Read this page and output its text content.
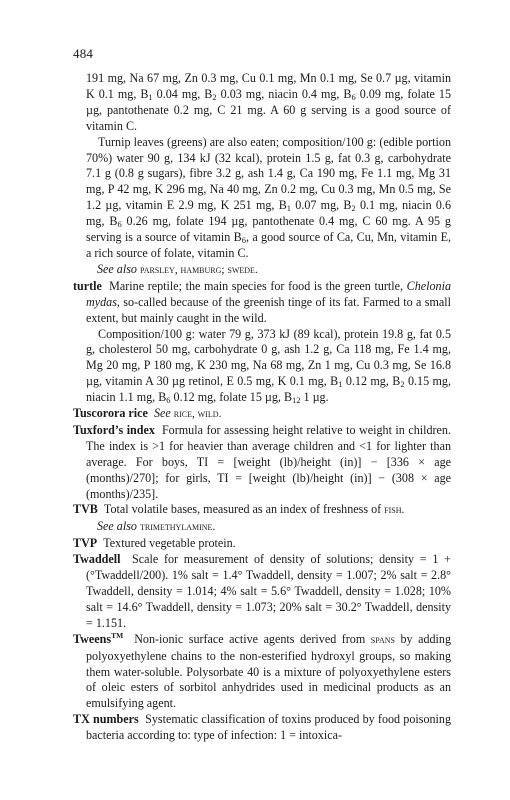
484

191 mg, Na 67 mg, Zn 0.3 mg, Cu 0.1 mg, Mn 0.1 mg, Se 0.7 µg, vitamin K 0.1 mg, $B_1$ 0.04 mg, $B_2$ 0.03 mg, niacin 0.4 mg, $B_6$ 0.09 mg, folate 15 µg, pantothenate 0.2 mg, C 21 mg. A 60 g serving is a good source of vitamin C.

Turnip leaves (greens) are also eaten; composition/100 g: (edible portion 70%) water 90 g, 134 kJ (32 kcal), protein 1.5 g, fat 0.3 g, carbohydrate 7.1 g (0.8 g sugars), fibre 3.2 g, ash 1.4 g, Ca 190 mg, Fe 1.1 mg, Mg 31 mg, P 42 mg, K 296 mg, Na 40 mg, Zn 0.2 mg, Cu 0.3 mg, Mn 0.5 mg, Se 1.2 µg, vitamin E 2.9 mg, K 251 mg, $B_1$ 0.07 mg, $B_2$ 0.1 mg, niacin 0.6 mg, $B_6$ 0.26 mg, folate 194 µg, pantothenate 0.4 mg, C 60 mg. A 95 g serving is a source of vitamin $B_6$, a good source of Ca, Cu, Mn, vitamin E, a rich source of folate, vitamin C.

See also parsley, hamburg; swede.

turtle Marine reptile; the main species for food is the green turtle, Chelonia mydas, so-called because of the greenish tinge of its fat. Farmed to a small extent, but mainly caught in the wild.

Composition/100 g: water 79 g, 373 kJ (89 kcal), protein 19.8 g, fat 0.5 g, cholesterol 50 mg, carbohydrate 0 g, ash 1.2 g, Ca 118 mg, Fe 1.4 mg, Mg 20 mg, P 180 mg, K 230 mg, Na 68 mg, Zn 1 mg, Cu 0.3 mg, Se 16.8 µg, vitamin A 30 µg retinol, E 0.5 mg, K 0.1 mg, $B_1$ 0.12 mg, $B_2$ 0.15 mg, niacin 1.1 mg, $B_6$ 0.12 mg, folate 15 µg, $B_{12}$ 1 µg.

Tuscorora rice See rice, wild.

Tuxford’s index Formula for assessing height relative to weight in children. The index is >1 for heavier than average children and <1 for lighter than average. For boys, TI = [weight (lb)/height (in)] − [336 × age (months)/270]; for girls, TI = [weight (lb)/height (in)] − (308 × age (months)/235].

TVB Total volatile bases, measured as an index of freshness of fish.

See also trimethylamine.

TVP Textured vegetable protein.

Twaddell Scale for measurement of density of solutions; density = 1 + (°Twaddell/200). 1% salt = 1.4° Twaddell, density = 1.007; 2% salt = 2.8° Twaddell, density = 1.014; 4% salt = 5.6° Twaddell, density = 1.028; 10% salt = 14.6° Twaddell, density = 1.073; 20% salt = 30.2° Twaddell, density = 1.151.

Tweens™ Non-ionic surface active agents derived from spans by adding polyoxyethylene chains to the non-esterified hydroxyl groups, so making them water-soluble. Polysorbate 40 is a mixture of polyoxyethylene esters of oleic esters of sorbitol anhydrides used in medicinal products as an emulsifying agent.

TX numbers Systematic classification of toxins produced by food poisoning bacteria according to: type of infection: 1 = intoxica-
